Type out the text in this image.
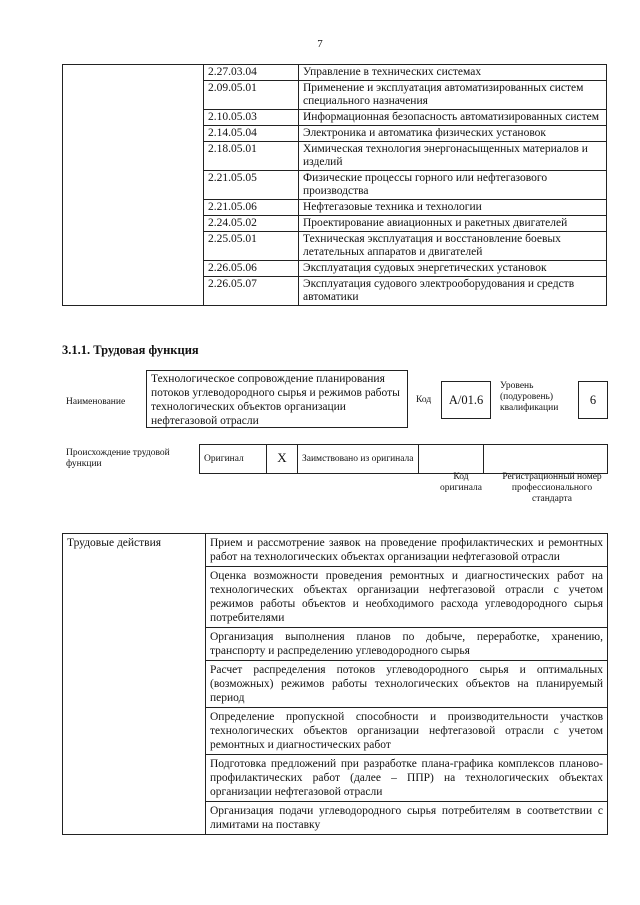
7
	2.27.03.04	Управление в технических системах
	2.09.05.01	Применение и эксплуатация автоматизированных систем специального назначения
	2.10.05.03	Информационная безопасность автоматизированных систем
	2.14.05.04	Электроника и автоматика физических установок
	2.18.05.01	Химическая технология энергонасыщенных материалов и изделий
	2.21.05.05	Физические процессы горного или нефтегазового производства
	2.21.05.06	Нефтегазовые техника и технологии
	2.24.05.02	Проектирование авиационных и ракетных двигателей
	2.25.05.01	Техническая эксплуатация и восстановление боевых летательных аппаратов и двигателей
	2.26.05.06	Эксплуатация судовых энергетических установок
	2.26.05.07	Эксплуатация судового электрооборудования и средств автоматики
3.1.1. Трудовая функция
Наименование
Технологическое сопровождение планирования потоков углеводородного сырья и режимов работы технологических объектов организации нефтегазовой отрасли
Код	А/01.6
Уровень (подуровень) квалификации
6
Происхождение трудовой функции
Оригинал	X	Заимствовано из оригинала		
Код оригинала
Регистрационный номер профессионального стандарта
Трудовые действия	Прием и рассмотрение заявок на проведение профилактических и ремонтных работ на технологических объектах организации нефтегазовой отрасли
Оценка возможности проведения ремонтных и диагностических работ на технологических объектах организации нефтегазовой отрасли с учетом режимов работы объектов и необходимого расхода углеводородного сырья потребителями
Организация выполнения планов по добыче, переработке, хранению, транспорту и распределению углеводородного сырья
Расчет распределения потоков углеводородного сырья и оптимальных (возможных) режимов работы технологических объектов на планируемый период
Определение пропускной способности и производительности участков технологических объектов организации нефтегазовой отрасли с учетом ремонтных и диагностических работ
Подготовка предложений при разработке плана-графика комплексов планово-профилактических работ (далее – ППР) на технологических объектах организации нефтегазовой отрасли
Организация подачи углеводородного сырья потребителям в соответствии с лимитами на поставку
